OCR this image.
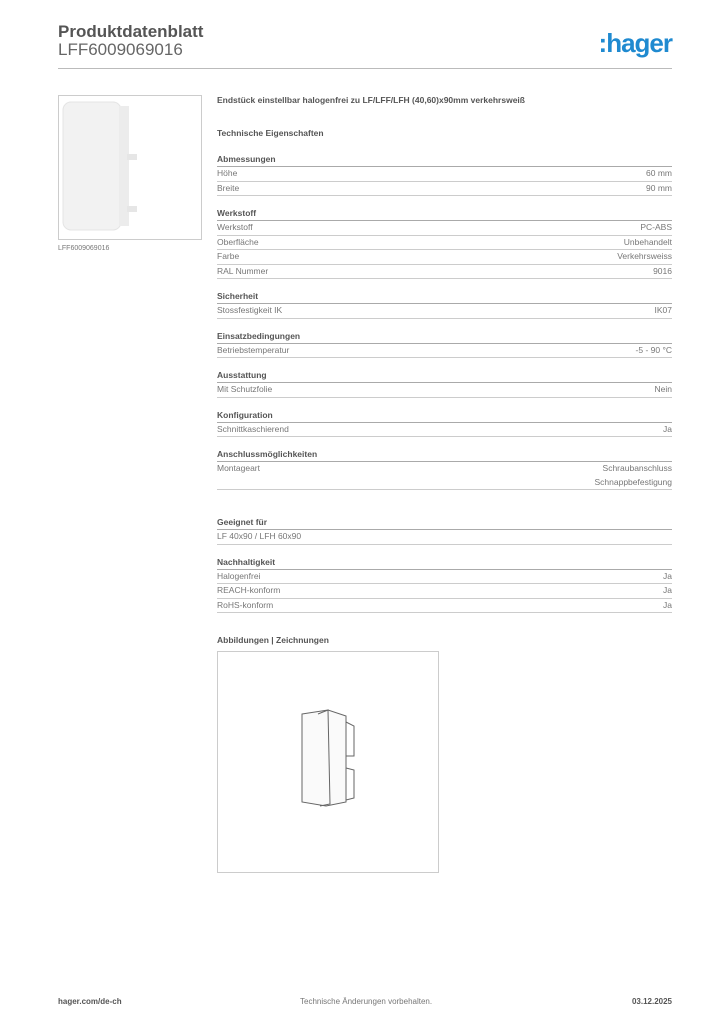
Produktdatenblatt
LFF6009069016	:hager
LFF6009069016
Endstück einstellbar halogenfrei zu LF/LFF/LFH (40,60)x90mm verkehrsweiß
Technische Eigenschaften
Abmessungen
Höhe	60 mm
Breite	90 mm
Werkstoff
Werkstoff	PC-ABS
Oberfläche	Unbehandelt
Farbe	Verkehrsweiss
RAL Nummer	9016
Sicherheit
Stossfestigkeit IK	IK07
Einsatzbedingungen
Betriebstemperatur	-5 - 90 °C
Ausstattung
Mit Schutzfolie	Nein
Konfiguration
Schnittkaschierend	Ja
Anschlussmöglichkeiten
Montageart	Schraubanschluss
Schnappbefestigung
Geeignet für
LF 40x90 / LFH 60x90
Nachhaltigkeit
Halogenfrei	Ja
REACH-konform	Ja
RoHS-konform	Ja
Abbildungen | Zeichnungen
hager.com/de-ch	Technische Änderungen vorbehalten.	03.12.2025
